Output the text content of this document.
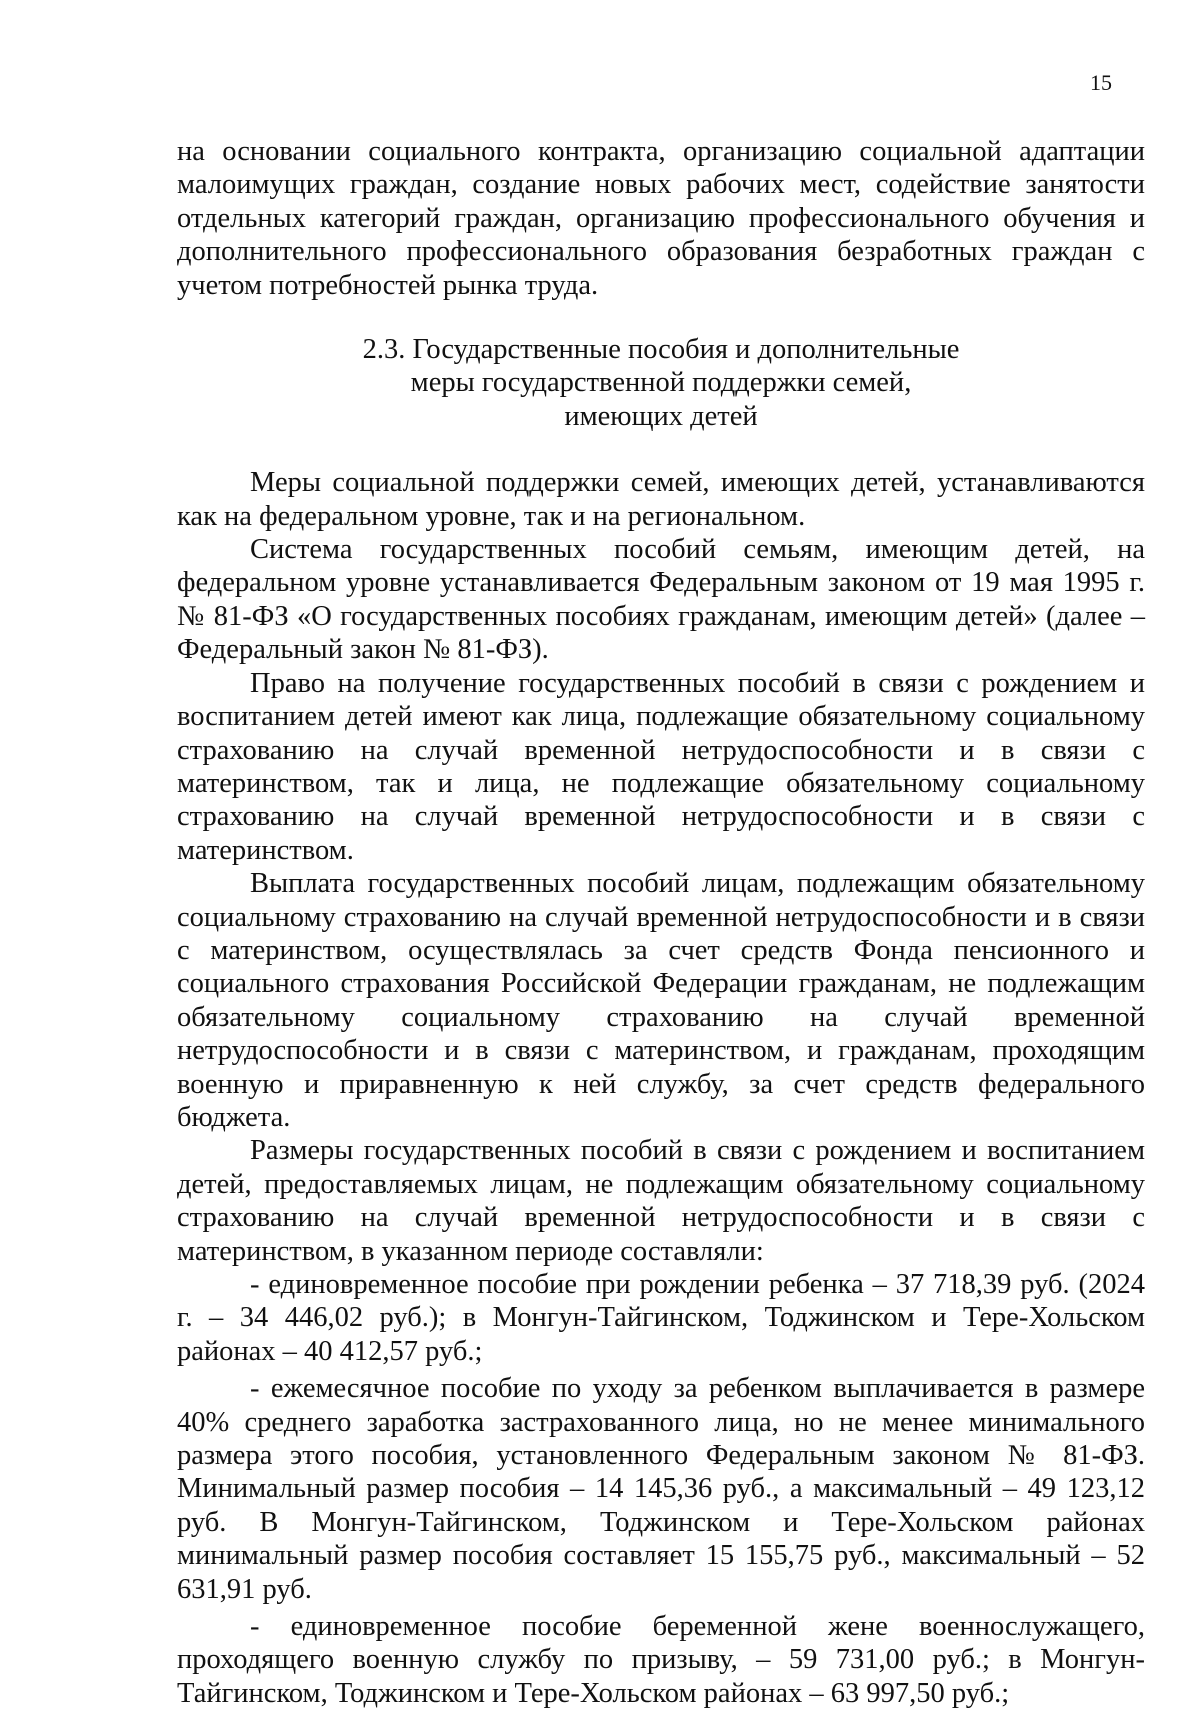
15

на основании социального контракта, организацию социальной адаптации малоимущих граждан, создание новых рабочих мест, содействие занятости отдельных категорий граждан, организацию профессионального обучения и дополнительного профессионального образования безработных граждан с учетом потребностей рынка труда.

2.3. Государственные пособия и дополнительные
меры государственной поддержки семей,
имеющих детей

Меры социальной поддержки семей, имеющих детей, устанавливаются как на федеральном уровне, так и на региональном.

Система государственных пособий семьям, имеющим детей, на федеральном уровне устанавливается Федеральным законом от 19 мая 1995 г. № 81-ФЗ «О государственных пособиях гражданам, имеющим детей» (далее – Федеральный закон № 81-ФЗ).

Право на получение государственных пособий в связи с рождением и воспитанием детей имеют как лица, подлежащие обязательному социальному страхованию на случай временной нетрудоспособности и в связи с материнством, так и лица, не подлежащие обязательному социальному страхованию на случай временной нетрудоспособности и в связи с материнством.

Выплата государственных пособий лицам, подлежащим обязательному социальному страхованию на случай временной нетрудоспособности и в связи с материнством, осуществлялась за счет средств Фонда пенсионного и социального страхования Российской Федерации гражданам, не подлежащим обязательному социальному страхованию на случай временной нетрудоспособности и в связи с материнством, и гражданам, проходящим военную и приравненную к ней службу, за счет средств федерального бюджета.

Размеры государственных пособий в связи с рождением и воспитанием детей, предоставляемых лицам, не подлежащим обязательному социальному страхованию на случай временной нетрудоспособности и в связи с материнством, в указанном периоде составляли:

- единовременное пособие при рождении ребенка – 37 718,39 руб. (2024 г. – 34 446,02 руб.); в Монгун-Тайгинском, Тоджинском и Тере-Хольском районах – 40 412,57 руб.;

- ежемесячное пособие по уходу за ребенком выплачивается в размере 40% среднего заработка застрахованного лица, но не менее минимального размера этого пособия, установленного Федеральным законом № 81-ФЗ. Минимальный размер пособия – 14 145,36 руб., а максимальный – 49 123,12 руб. В Монгун-Тайгинском, Тоджинском и Тере-Хольском районах минимальный размер пособия составляет 15 155,75 руб., максимальный – 52 631,91 руб.

- единовременное пособие беременной жене военнослужащего, проходящего военную службу по призыву, – 59 731,00 руб.; в Монгун-Тайгинском, Тоджинском и Тере-Хольском районах – 63 997,50 руб.;
